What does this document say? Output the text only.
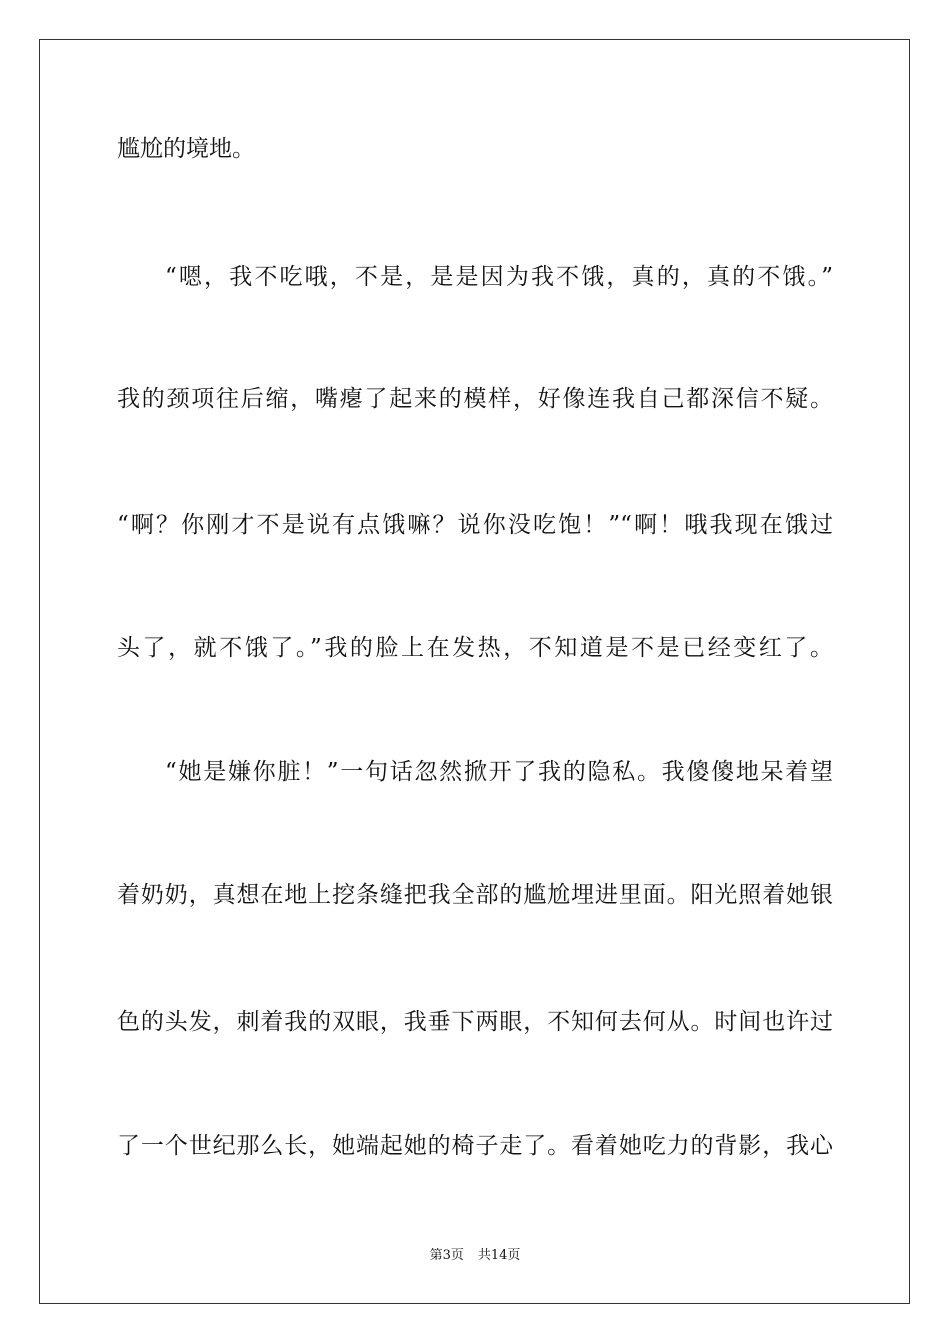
尴尬的境地。
“嗯，我不吃哦，不是，是是因为我不饿，真的，真的不饿。”
我的颈项往后缩，嘴瘪了起来的模样，好像连我自己都深信不疑。
“啊？你刚才不是说有点饿嘛？说你没吃饱！”“啊！哦我现在饿过
头了，就不饿了。”我的脸上在发热，不知道是不是已经变红了。
“她是嫌你脏！”一句话忽然掀开了我的隐私。我傻傻地呆着望
着奶奶，真想在地上挖条缝把我全部的尴尬埋进里面。阳光照着她银
色的头发，刺着我的双眼，我垂下两眼，不知何去何从。时间也许过
了一个世纪那么长，她端起她的椅子走了。看着她吃力的背影，我心
第3页 共14页
